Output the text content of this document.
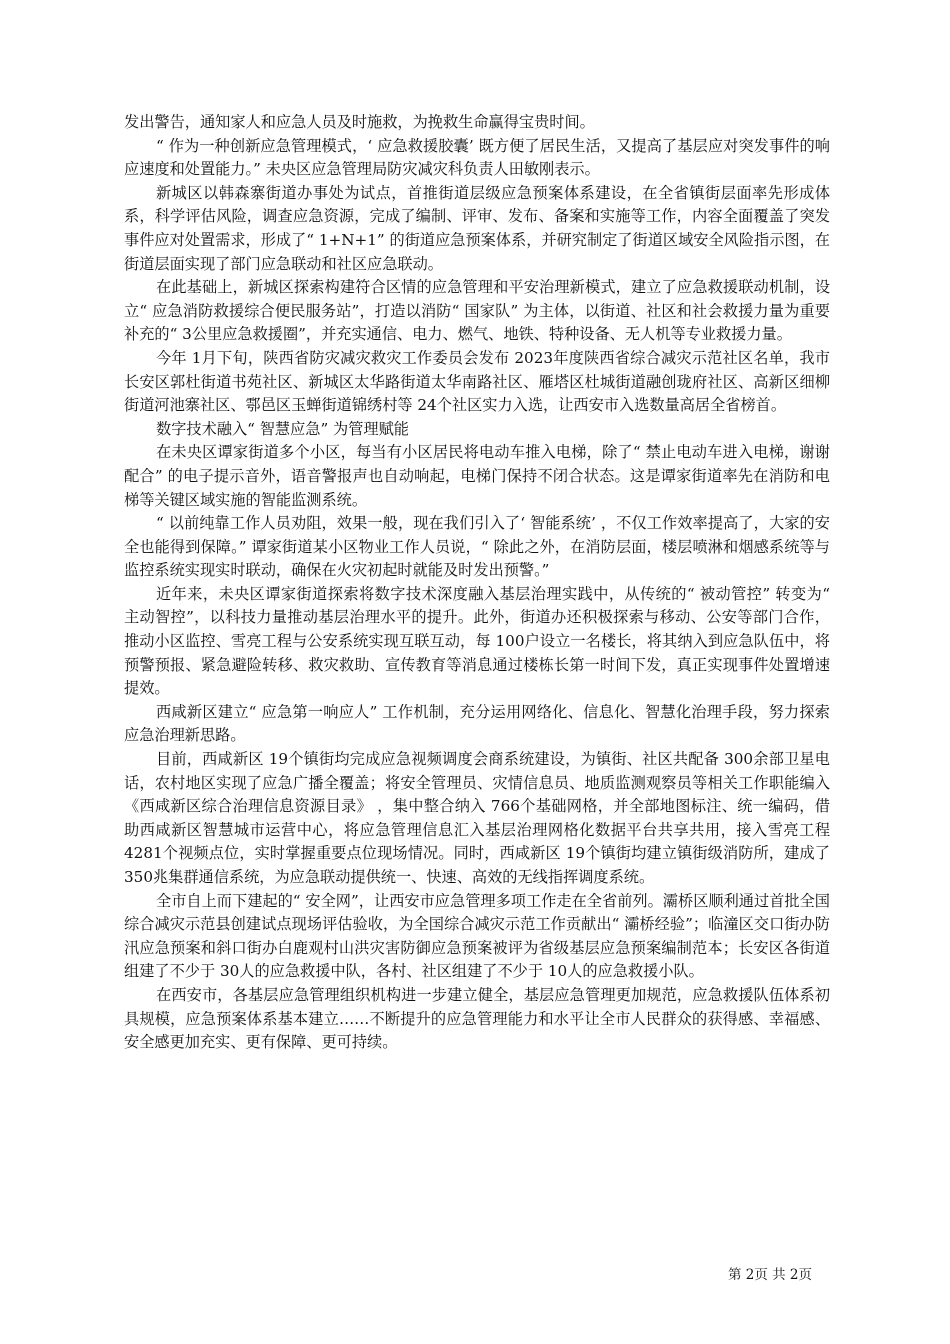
发出警告，通知家人和应急人员及时施救，为挽救生命赢得宝贵时间。

“ 作为一种创新应急管理模式，‘ 应急救援胶囊’ 既方便了居民生活，又提高了基层应对突发事件的响应速度和处置能力。” 未央区应急管理局防灾减灾科负责人田敏刚表示。

新城区以韩森寨街道办事处为试点，首推街道层级应急预案体系建设，在全省镇街层面率先形成体系，科学评估风险，调查应急资源，完成了编制、评审、发布、备案和实施等工作，内容全面覆盖了突发事件应对处置需求，形成了“ 1+N+1” 的街道应急预案体系，并研究制定了街道区域安全风险指示图，在街道层面实现了部门应急联动和社区应急联动。

在此基础上，新城区探索构建符合区情的应急管理和平安治理新模式，建立了应急救援联动机制，设立“ 应急消防救援综合便民服务站”，打造以消防“ 国家队” 为主体，以街道、社区和社会救援力量为重要补充的“ 3公里应急救援圈”，并充实通信、电力、燃气、地铁、特种设备、无人机等专业救援力量。

今年 1月下旬，陕西省防灾减灾救灾工作委员会发布 2023年度陕西省综合减灾示范社区名单，我市长安区郭杜街道书苑社区、新城区太华路街道太华南路社区、雁塔区杜城街道融创珑府社区、高新区细柳街道河池寨社区、鄠邑区玉蝉街道锦绣村等 24个社区实力入选，让西安市入选数量高居全省榜首。

数字技术融入“ 智慧应急” 为管理赋能

在未央区谭家街道多个小区，每当有小区居民将电动车推入电梯，除了“ 禁止电动车进入电梯，谢谢配合” 的电子提示音外，语音警报声也自动响起，电梯门保持不闭合状态。这是谭家街道率先在消防和电梯等关键区域实施的智能监测系统。

“ 以前纯靠工作人员劝阻，效果一般，现在我们引入了‘ 智能系统’ ，不仅工作效率提高了，大家的安全也能得到保障。” 谭家街道某小区物业工作人员说，“ 除此之外，在消防层面，楼层喷淋和烟感系统等与监控系统实现实时联动，确保在火灾初起时就能及时发出预警。”

近年来，未央区谭家街道探索将数字技术深度融入基层治理实践中，从传统的“ 被动管控” 转变为“ 主动智控”，以科技力量推动基层治理水平的提升。此外，街道办还积极探索与移动、公安等部门合作，推动小区监控、雪亮工程与公安系统实现互联互动，每 100户设立一名楼长，将其纳入到应急队伍中，将预警预报、紧急避险转移、救灾救助、宣传教育等消息通过楼栋长第一时间下发，真正实现事件处置增速提效。

西咸新区建立“ 应急第一响应人” 工作机制，充分运用网络化、信息化、智慧化治理手段，努力探索应急治理新思路。

目前，西咸新区 19个镇街均完成应急视频调度会商系统建设，为镇街、社区共配备 300余部卫星电话，农村地区实现了应急广播全覆盖；将安全管理员、灾情信息员、地质监测观察员等相关工作职能编入《西咸新区综合治理信息资源目录》 ，集中整合纳入 766个基础网格，并全部地图标注、统一编码，借助西咸新区智慧城市运营中心，将应急管理信息汇入基层治理网格化数据平台共享共用，接入雪亮工程 4281个视频点位，实时掌握重要点位现场情况。同时，西咸新区 19个镇街均建立镇街级消防所，建成了 350兆集群通信系统，为应急联动提供统一、快速、高效的无线指挥调度系统。

全市自上而下建起的“ 安全网”，让西安市应急管理多项工作走在全省前列。灞桥区顺利通过首批全国综合减灾示范县创建试点现场评估验收，为全国综合减灾示范工作贡献出“ 灞桥经验”；临潼区交口街办防汛应急预案和斜口街办白鹿观村山洪灾害防御应急预案被评为省级基层应急预案编制范本；长安区各街道组建了不少于 30人的应急救援中队，各村、社区组建了不少于 10人的应急救援小队。

在西安市，各基层应急管理组织机构进一步建立健全，基层应急管理更加规范，应急救援队伍体系初具规模，应急预案体系基本建立……不断提升的应急管理能力和水平让全市人民群众的获得感、幸福感、安全感更加充实、更有保障、更可持续。

第 2页 共 2页
